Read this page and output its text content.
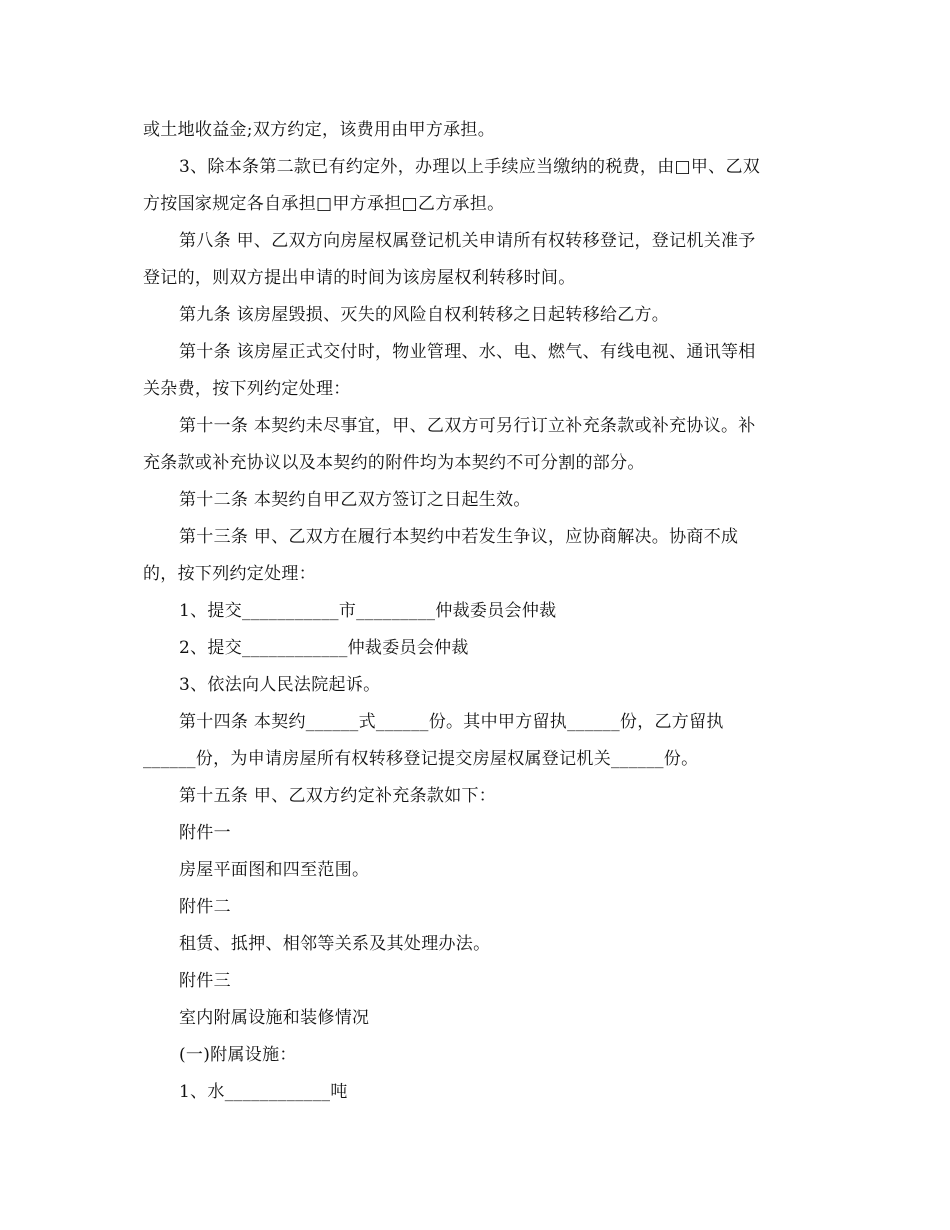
或土地收益金;双方约定，该费用由甲方承担。

3、除本条第二款已有约定外，办理以上手续应当缴纳的税费，由□甲、乙双
方按国家规定各自承担□甲方承担□乙方承担。

第八条 甲、乙双方向房屋权属登记机关申请所有权转移登记，登记机关准予
登记的，则双方提出申请的时间为该房屋权利转移时间。

第九条 该房屋毁损、灭失的风险自权利转移之日起转移给乙方。

第十条 该房屋正式交付时，物业管理、水、电、燃气、有线电视、通讯等相
关杂费，按下列约定处理：

第十一条 本契约未尽事宜，甲、乙双方可另行订立补充条款或补充协议。补
充条款或补充协议以及本契约的附件均为本契约不可分割的部分。

第十二条 本契约自甲乙双方签订之日起生效。

第十三条 甲、乙双方在履行本契约中若发生争议，应协商解决。协商不成
的，按下列约定处理：

1、提交___________市_________仲裁委员会仲裁

2、提交____________仲裁委员会仲裁

3、依法向人民法院起诉。

第十四条 本契约______式______份。其中甲方留执______份，乙方留执
______份，为申请房屋所有权转移登记提交房屋权属登记机关______份。

第十五条 甲、乙双方约定补充条款如下：

附件一

房屋平面图和四至范围。

附件二

租赁、抵押、相邻等关系及其处理办法。

附件三

室内附属设施和装修情况

(一)附属设施：

1、水____________吨
